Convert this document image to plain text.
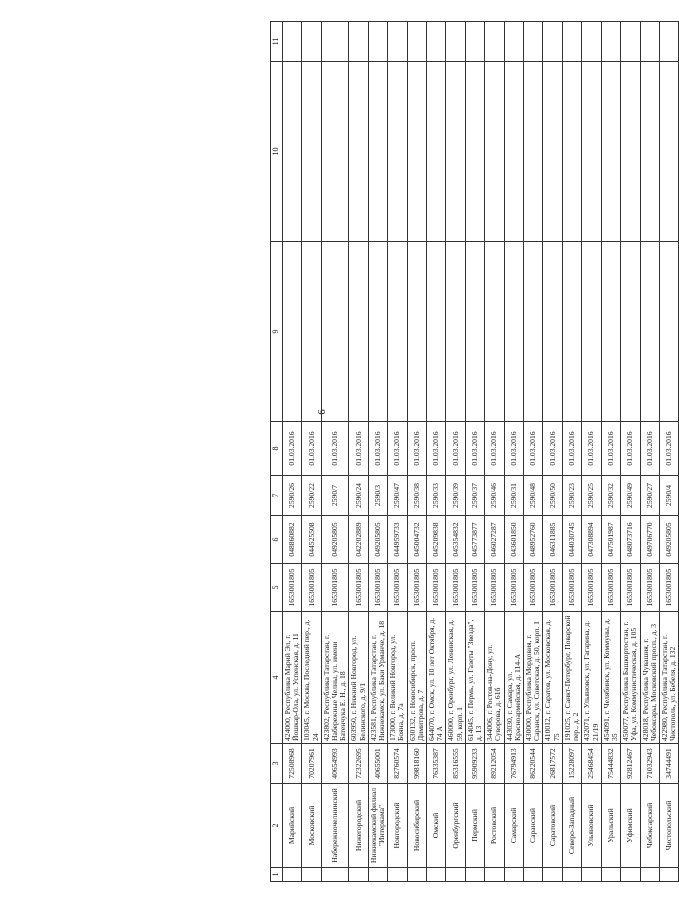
6
1	2	3	4	5	6	7	8	9	10	11
	Марийский	72508968	424000, Республика Марий Эл, г. Йошкар-Ола, ул. Успенская, д. 11	1653001805	048860882	2590/26	01.03.2016			
	Московский	70207961	103045, г. Москва, Последний пер., д. 24	1653001805	044525508	2590/22	01.03.2016			
	Набережночелнинский	40654993	423802, Республика Татарстан, г. Набережные Челны, ул. имени Батенчука Е. Н., д. 18	1653001805	049205805	2590/7	01.03.2016			
	Нижегородский	72322695	603950, г. Нижний Новгород, ул. Белинского, д. 9/1	1653001805	042202889	2590/24	01.03.2016			
	Нижнекамский филиал "Интеркама"	40655001	423581, Республика Татарстан, г. Нижнекамск, ул. Баки Урманче, д. 18	1653001805	049205805	2590/3	01.03.2016			
	Новгородский	82760574	173000, г. Великий Новгород, ул. Бояна, д. 7а	1653001805	044959733	2590/47	01.03.2016			
	Новосибирский	99818160	630132, г. Новосибирск, просп. Димитрова, д. 7	1653001805	045004732	2590/38	01.03.2016			
	Омский	76335387	644070, г. Омск, ул. 10 лет Октября, д. 74 А	1653001805	045209838	2590/33	01.03.2016			
	Оренбургский	85316555	460000, г. Оренбург, ул. Ленинская, д. 59, корп. 1	1653001805	045354832	2590/39	01.03.2016			
	Пермский	95909233	614045, г. Пермь, ул. Газеты "Звезда", д. 13	1653001805	045773877	2590/37	01.03.2016			
	Ростовский	89212054	344006, г. Ростов-на-Дону, ул. Суворова, д. 61б	1653001805	046027287	2590/46	01.03.2016			
	Самарский	76794913	443030, г. Самара, ул. Красноармейская, д. 114-А	1653001805	043601850	2590/31	01.03.2016			
	Саранский	86220544	430000, Республика Мордовия, г. Саранск, ул. Советская, д. 50, корп. 1	1653001805	048952760	2590/48	01.03.2016			
	Саратовский	26817572	410012, г. Саратов, ул. Московская, д. 75	1653001805	046311885	2590/50	01.03.2016			
	Северо-Западный	15228097	191025, г. Санкт-Петербург, Поварской пер., д. 2	1653001805	044030745	2590/23	01.03.2016			
	Ульяновский	25468454	432071, г. Ульяновск, ул. Гагарина, д. 21/19	1653001805	047308894	2590/25	01.03.2016			
	Уральский	75444832	454091, г. Челябинск, ул. Коммуны, д. 35	1653001805	047501987	2590/32	01.03.2016			
	Уфимский	92812467	450077, Республика Башкортостан, г. Уфа, ул. Коммунистическая, д. 105	1653001805	048073716	2590/49	01.03.2016			
	Чебоксарский	71032943	428018, Республика Чувашия, г. Чебоксары, Московский просп., д. 3	1653001805	049706770	2590/27	01.03.2016			
	Чистопольский	34744491	422980, Республика Татарстан, г. Чистополь, ул. Бебеля, д. 132	1653001805	049205805	2590/4	01.03.2016			
